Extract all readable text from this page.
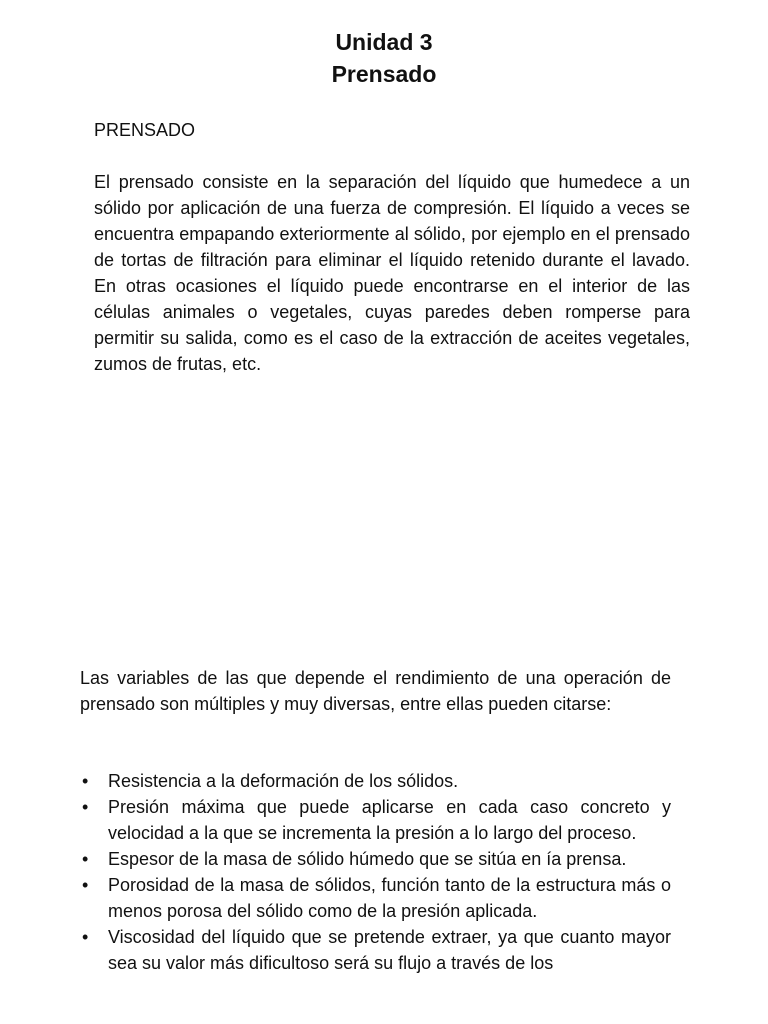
Unidad 3
Prensado
PRENSADO

El prensado consiste en la separación del líquido que humedece a un sólido por aplicación de una fuerza de compresión. El líquido a veces se encuentra empapando exteriormente al sólido, por ejemplo en el prensado de tortas de filtración para eliminar el líquido retenido durante el lavado. En otras ocasiones el líquido puede encontrarse en el interior de las células animales o vegetales, cuyas paredes deben romperse para permitir su salida, como es el caso de la extracción de aceites vegetales, zumos de frutas, etc.

Las variables de las que depende el rendimiento de una operación de prensado son múltiples y muy diversas, entre ellas pueden citarse:

• Resistencia a la deformación de los sólidos.
• Presión máxima que puede aplicarse en cada caso concreto y velocidad a la que se incrementa la presión a lo largo del proceso.
• Espesor de la masa de sólido húmedo que se sitúa en ía prensa.
• Porosidad de la masa de sólidos, función tanto de la estructura más o menos porosa del sólido como de la presión aplicada.
• Viscosidad del líquido que se pretende extraer, ya que cuanto mayor sea su valor más dificultoso será su flujo a través de los
